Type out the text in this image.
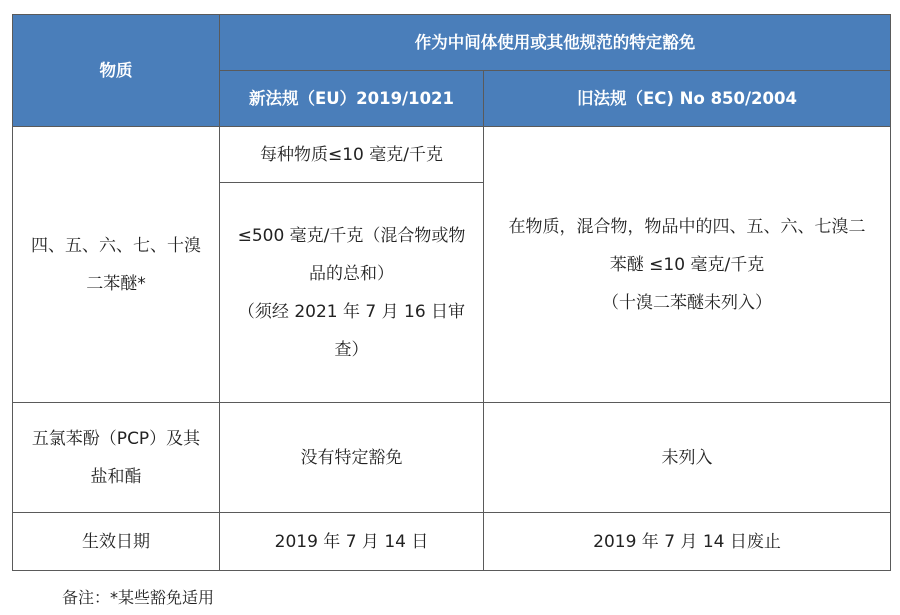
物质	作为中间体使用或其他规范的特定豁免	
	新法规（EU）2019/1021	旧法规（EC) No 850/2004

四、五、六、七、十溴
二苯醚*	每种物质≤10 毫克/千克	在物质，混合物，物品中的四、五、六、七溴二
苯醚 ≤10 毫克/千克
（十溴二苯醚未列入）

	≤500 毫克/千克（混合物或物
品的总和）
（须经 2021 年 7 月 16 日审
查）	

五氯苯酚（PCP）及其
盐和酯	没有特定豁免	未列入
生效日期	2019 年 7 月 14 日	2019 年 7 月 14 日废止
备注：*某些豁免适用
